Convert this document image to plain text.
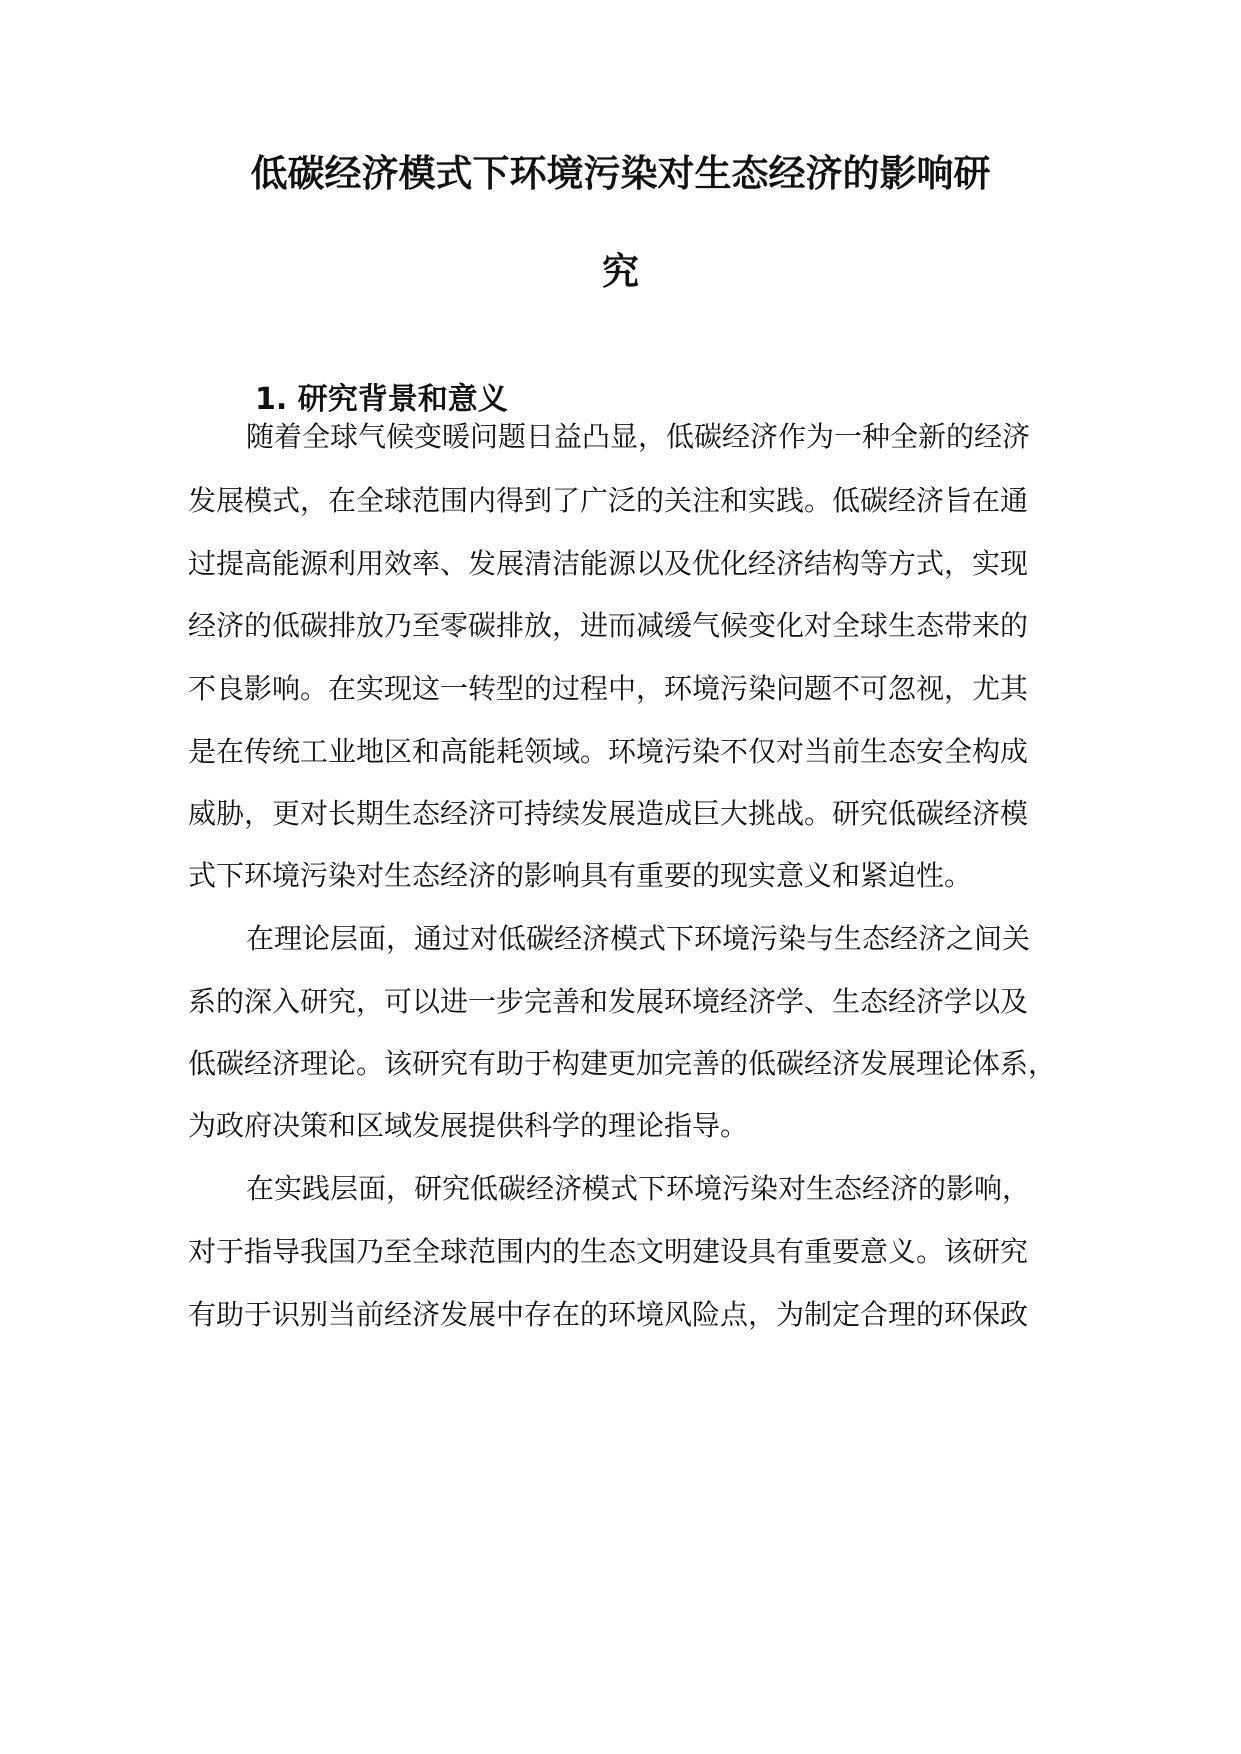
低碳经济模式下环境污染对生态经济的影响研
究
1. 研究背景和意义
随着全球气候变暖问题日益凸显，低碳经济作为一种全新的经济
发展模式，在全球范围内得到了广泛的关注和实践。低碳经济旨在通
过提高能源利用效率、发展清洁能源以及优化经济结构等方式，实现
经济的低碳排放乃至零碳排放，进而减缓气候变化对全球生态带来的
不良影响。在实现这一转型的过程中，环境污染问题不可忽视，尤其
是在传统工业地区和高能耗领域。环境污染不仅对当前生态安全构成
威胁，更对长期生态经济可持续发展造成巨大挑战。研究低碳经济模
式下环境污染对生态经济的影响具有重要的现实意义和紧迫性。
在理论层面，通过对低碳经济模式下环境污染与生态经济之间关
系的深入研究，可以进一步完善和发展环境经济学、生态经济学以及
低碳经济理论。该研究有助于构建更加完善的低碳经济发展理论体系，
为政府决策和区域发展提供科学的理论指导。
在实践层面，研究低碳经济模式下环境污染对生态经济的影响，
对于指导我国乃至全球范围内的生态文明建设具有重要意义。该研究
有助于识别当前经济发展中存在的环境风险点，为制定合理的环保政
